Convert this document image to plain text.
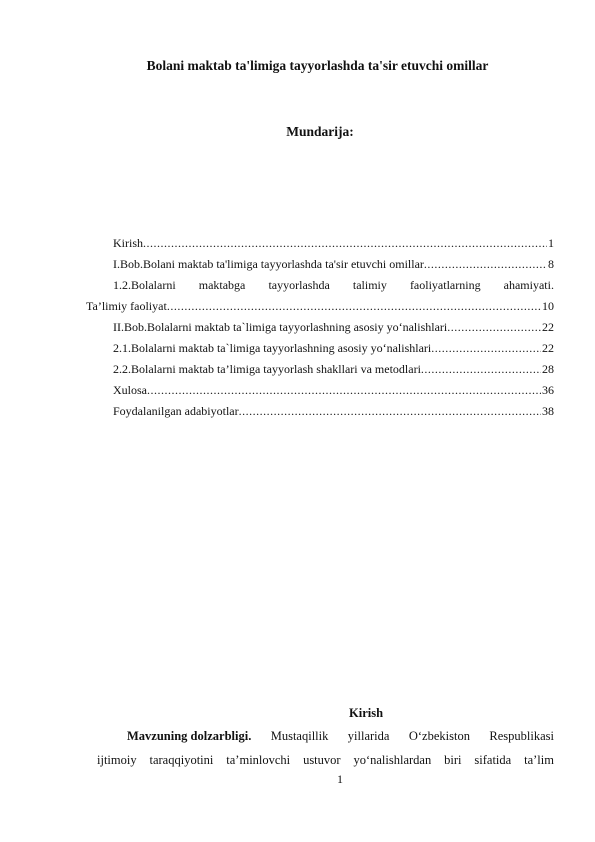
Bolani maktab ta'limiga tayyorlashda ta'sir etuvchi omillar
Mundarija:
Kirish .....	1
I.Bob.Bolani maktab ta'limiga tayyorlashda ta'sir etuvchi omillar .....	8
1.2.Bolalarni maktabga tayyorlashda talimiy faoliyatlarning ahamiyati.
Ta’limiy faoliyat .....	10
II.Bob.Bolalarni maktab ta`limiga tayyorlashning asosiy yo‘nalishlari .....	22
2.1.Bolalarni maktab ta`limiga tayyorlashning asosiy yo‘nalishlari .....	22
2.2.Bolalarni maktab ta’limiga tayyorlash shakllari va metodlari .....	28
Xulosa .....	36
Foydalanilgan adabiyotlar .....	38
Kirish
Mavzuning dolzarbligi. Mustaqillik yillarida O‘zbekiston Respublikasi
ijtimoiy taraqqiyotini ta’minlovchi ustuvor yo‘nalishlardan biri sifatida ta’lim
1
